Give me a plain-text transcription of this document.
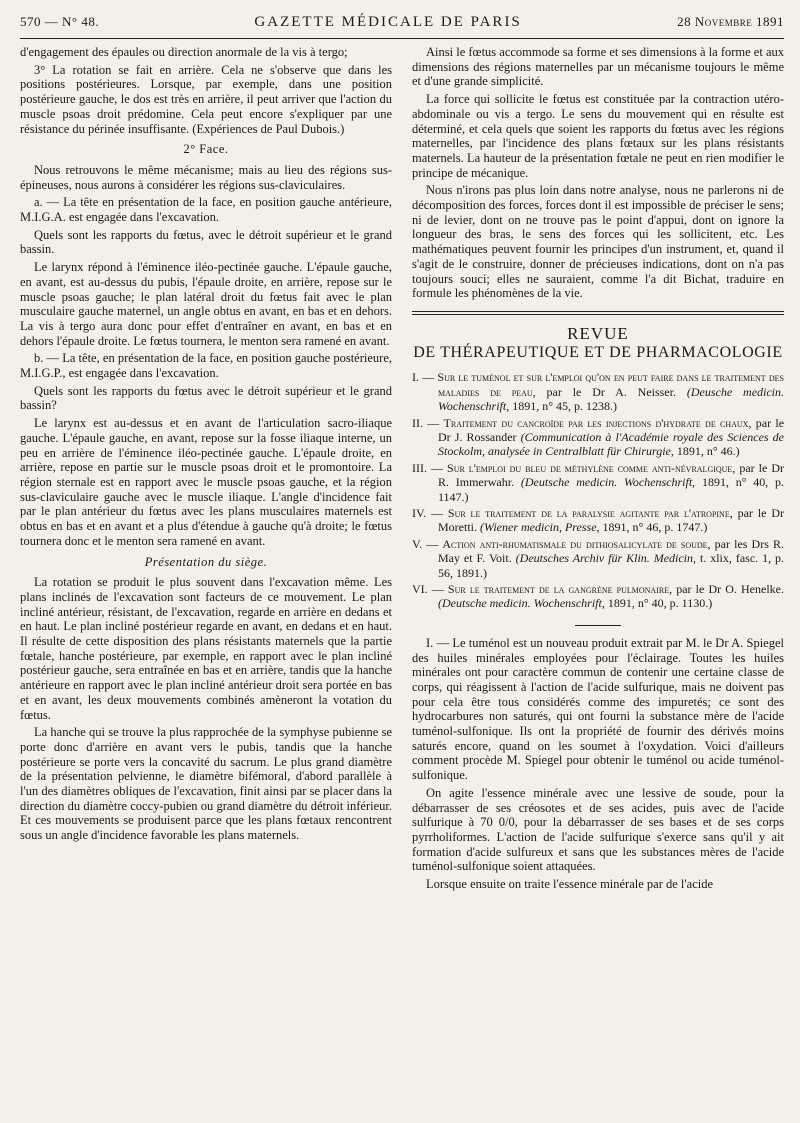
570 — N° 48.	GAZETTE MÉDICALE DE PARIS	28 Novembre 1891

d'engagement des épaules ou direction anormale de la vis à tergo;

3° La rotation se fait en arrière. Cela ne s'observe que dans les positions postérieures. Lorsque, par exemple, dans une position postérieure gauche, le dos est très en arrière, il peut arriver que l'action du muscle psoas droit prédomine. Cela peut encore s'expliquer par une résistance du périnée insuffisante. (Expériences de Paul Dubois.)

2° Face.

Nous retrouvons le même mécanisme; mais au lieu des régions sus-épineuses, nous aurons à considérer les régions sus-claviculaires.

a. — La tête en présentation de la face, en position gauche antérieure, M.I.G.A. est engagée dans l'excavation.

Quels sont les rapports du fœtus, avec le détroit supérieur et le grand bassin.

Le larynx répond à l'éminence iléo-pectinée gauche. L'épaule gauche, en avant, est au-dessus du pubis, l'épaule droite, en arrière, repose sur le muscle psoas gauche; le plan latéral droit du fœtus fait avec le plan musculaire gauche maternel, un angle obtus en avant, en bas et en dehors. La vis à tergo aura donc pour effet d'entraîner en avant, en bas et en dehors l'épaule droite. Le fœtus tournera, le menton sera ramené en avant.

b. — La tête, en présentation de la face, en position gauche postérieure, M.I.G.P., est engagée dans l'excavation.

Quels sont les rapports du fœtus avec le détroit supérieur et le grand bassin?

Le larynx est au-dessus et en avant de l'articulation sacro-iliaque gauche. L'épaule gauche, en avant, repose sur la fosse iliaque interne, un peu en arrière de l'éminence iléo-pectinée gauche. L'épaule droite, en arrière, repose en partie sur le muscle psoas droit et le promontoire. La région sternale est en rapport avec le muscle psoas gauche, et la région sus-claviculaire gauche avec le muscle iliaque. L'angle d'incidence fait par le plan antérieur du fœtus avec les plans musculaires maternels est obtus en bas et en avant et a plus d'étendue à gauche qu'à droite; le fœtus tournera donc et le menton sera ramené en avant.

Présentation du siège.

La rotation se produit le plus souvent dans l'excavation même. Les plans inclinés de l'excavation sont facteurs de ce mouvement. Le plan incliné antérieur, résistant, de l'excavation, regarde en arrière en dedans et en haut. Le plan incliné postérieur regarde en avant, en dedans et en haut. Il résulte de cette disposition des plans résistants maternels que la partie fœtale, hanche postérieure, par exemple, en rapport avec le plan incliné postérieur gauche, sera entraînée en bas et en arrière, tandis que la hanche antérieure en rapport avec le plan incliné antérieur droit sera portée en bas et en avant, les deux mouvements combinés amèneront la votation du fœtus.

La hanche qui se trouve la plus rapprochée de la symphyse pubienne se porte donc d'arrière en avant vers le pubis, tandis que la hanche postérieure se porte vers la concavité du sacrum. Le plus grand diamètre de la présentation pelvienne, le diamètre bifémoral, d'abord parallèle à l'un des diamètres obliques de l'excavation, finit ainsi par se placer dans la direction du diamètre coccy-pubien ou grand diamètre du détroit inférieur. Et ces mouvements se produisent parce que les plans fœtaux rencontrent sous un angle d'incidence favorable les plans maternels.

Ainsi le fœtus accommode sa forme et ses dimensions à la forme et aux dimensions des régions maternelles par un mécanisme toujours le même et d'une grande simplicité.

La force qui sollicite le fœtus est constituée par la contraction utéro-abdominale ou vis a tergo. Le sens du mouvement qui en résulte est déterminé, et cela quels que soient les rapports du fœtus avec les régions maternelles, par l'incidence des plans fœtaux sur les plans résistants maternels. La hauteur de la présentation fœtale ne peut en rien modifier le principe de mécanique.

Nous n'irons pas plus loin dans notre analyse, nous ne parlerons ni de décomposition des forces, forces dont il est impossible de préciser le sens; ni de levier, dont on ne trouve pas le point d'appui, dont on ignore la longueur des bras, le sens des forces qui les sollicitent, etc. Les mathématiques peuvent fournir les principes d'un instrument, et, quand il s'agit de le construire, donner de précieuses indications, dont on n'a pas toujours souci; elles ne sauraient, comme l'a dit Bichat, traduire en formule les phénomènes de la vie.

REVUE
DE THÉRAPEUTIQUE ET DE PHARMACOLOGIE
I. — Sur le tuménol et sur l'emploi qu'on en peut faire dans le traitement des maladies de peau, par le Dr A. Neisser. (Deusche medicin. Wochenschrift, 1891, n° 45, p. 1238.)
II. — Traitement du cancroïde par les injections d'hydrate de chaux, par le Dr J. Rossander (Communication à l'Académie royale des Sciences de Stockolm, analysée in Centralblatt für Chirurgie, 1891, n° 46.)
III. — Sur l'emploi du bleu de méthylène comme anti-névralgique, par le Dr R. Immerwahr. (Deutsche medicin. Wochenschrift, 1891, n° 40, p. 1147.)
IV. — Sur le traitement de la paralysie agitante par l'atropine, par le Dr Moretti. (Wiener medicin, Presse, 1891, n° 46, p. 1747.)
V. — Action anti-rhumatismale du dithiosalicylate de soude, par les Drs R. May et F. Voit. (Deutsches Archiv für Klin. Medicin, t. xlix, fasc. 1, p. 56, 1891.)
VI. — Sur le traitement de la gangrène pulmonaire, par le Dr O. Henelke. (Deutsche medicin. Wochenschrift, 1891, n° 40, p. 1130.)

I. — Le tuménol est un nouveau produit extrait par M. le Dr A. Spiegel des huiles minérales employées pour l'éclairage. Toutes les huiles minérales ont pour caractère commun de contenir une certaine classe de corps, qui réagissent à l'action de l'acide sulfurique, mais ne doivent pas pour cela être tous considérés comme des impuretés; ce sont des hydrocarbures non saturés, qui ont fourni la substance mère de l'acide tuménol-sulfonique. Ils ont la propriété de fournir des dérivés moins saturés encore, quand on les soumet à l'oxydation. Voici d'ailleurs comment procède M. Spiegel pour obtenir le tuménol ou acide tuménol-sulfonique.

On agite l'essence minérale avec une lessive de soude, pour la débarrasser de ses créosotes et de ses acides, puis avec de l'acide sulfurique à 70 0/0, pour la débarrasser de ses bases et de ses corps pyrrholiformes. L'action de l'acide sulfurique s'exerce sans qu'il y ait formation d'acide sulfureux et sans que les substances mères de l'acide tuménol-sulfonique soient attaquées.

Lorsque ensuite on traite l'essence minérale par de l'acide
